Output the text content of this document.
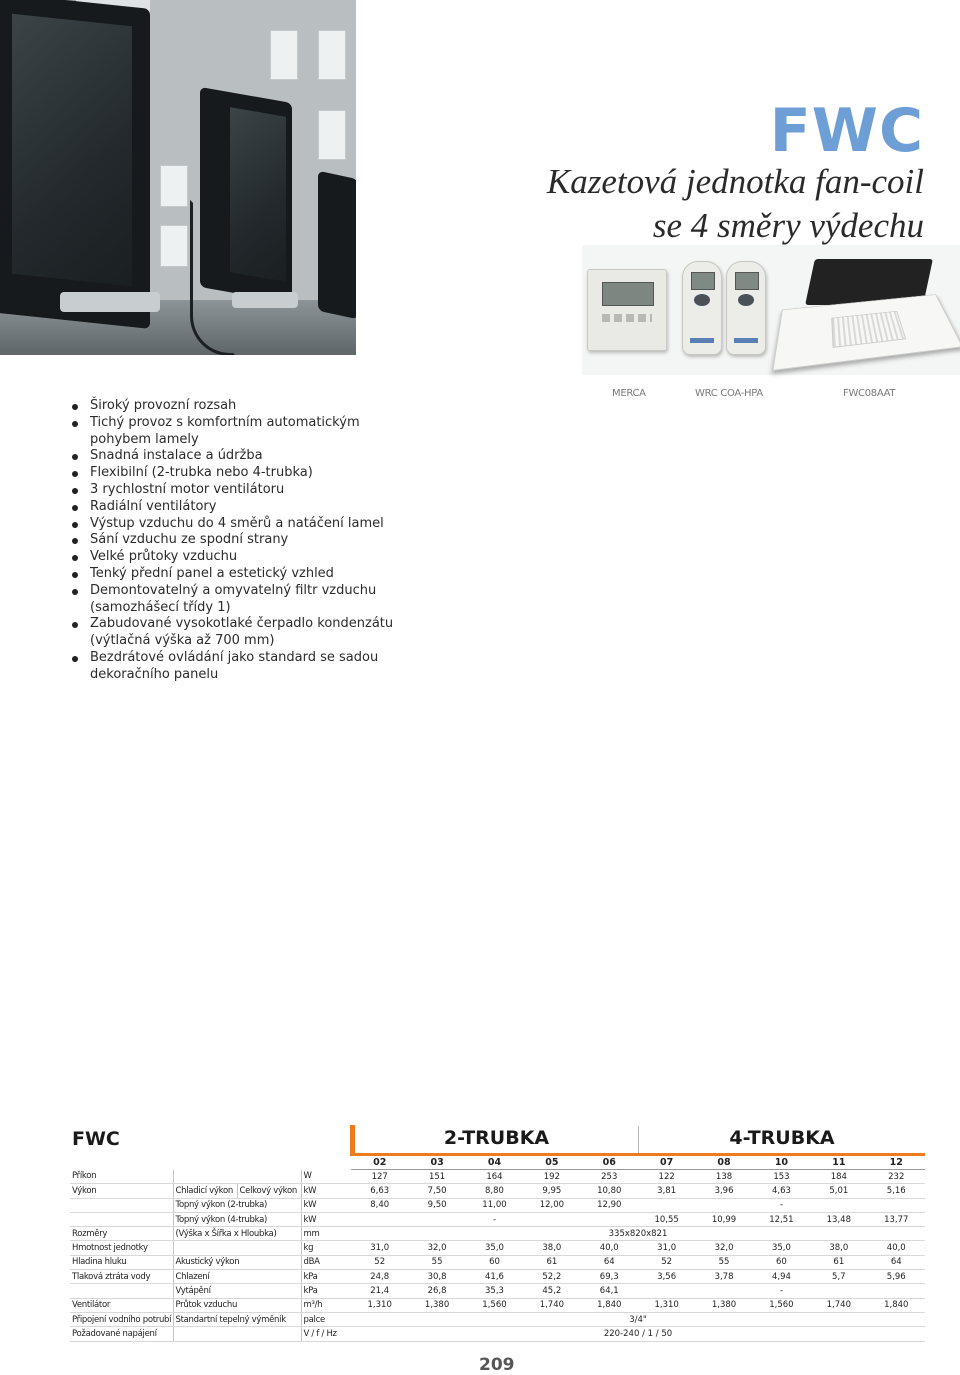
FWC
Kazetová jednotka fan-coil
se 4 směry výdechu
MERCA	WRC COA-HPA	FWC08AAT
Široký provozní rozsah
Tichý provoz s komfortním automatickým pohybem lamely
Snadná instalace a údržba
Flexibilní (2-trubka nebo 4-trubka)
3 rychlostní motor ventilátoru
Radiální ventilátory
Výstup vzduchu do 4 směrů a natáčení lamel
Sání vzduchu ze spodní strany
Velké průtoky vzduchu
Tenký přední panel a estetický vzhled
Demontovatelný a omyvatelný filtr vzduchu (samozhášecí třídy 1)
Zabudované vysokotlaké čerpadlo kondenzátu (výtlačná výška až 700 mm)
Bezdrátové ovládání jako standard se sadou dekoračního panelu
FWC	2-TRUBKA	4-TRUBKA
				02	03	04	05	06	07	08	10	11	12
Příkon			W	127	151	164	192	253	122	138	153	184	232
Výkon	Chladicí výkon	Celkový výkon	kW	6,63	7,50	8,80	9,95	10,80	3,81	3,96	4,63	5,01	5,16
	Topný výkon (2-trubka)		kW	8,40	9,50	11,00	12,00	12,90	-				
	Topný výkon (4-trubka)		kW	-					10,55	10,99	12,51	13,48	13,77
Rozměry	(Výška x Šířka x Hloubka)		mm	335x820x821									
Hmotnost jednotky			kg	31,0	32,0	35,0	38,0	40,0	31,0	32,0	35,0	38,0	40,0
Hladina hluku	Akustický výkon		dBA	52	55	60	61	64	52	55	60	61	64
Tlaková ztráta vody	Chlazení		kPa	24,8	30,8	41,6	52,2	69,3	3,56	3,78	4,94	5,7	5,96
	Vytápění		kPa	21,4	26,8	35,3	45,2	64,1	-				
Ventilátor	Průtok vzduchu		m³/h	1,310	1,380	1,560	1,740	1,840	1,310	1,380	1,560	1,740	1,840
Připojení vodního potrubí	Standartní tepelný výměník		palce	3/4"									
Požadované napájení			V / f / Hz	220-240 / 1 / 50									
209
